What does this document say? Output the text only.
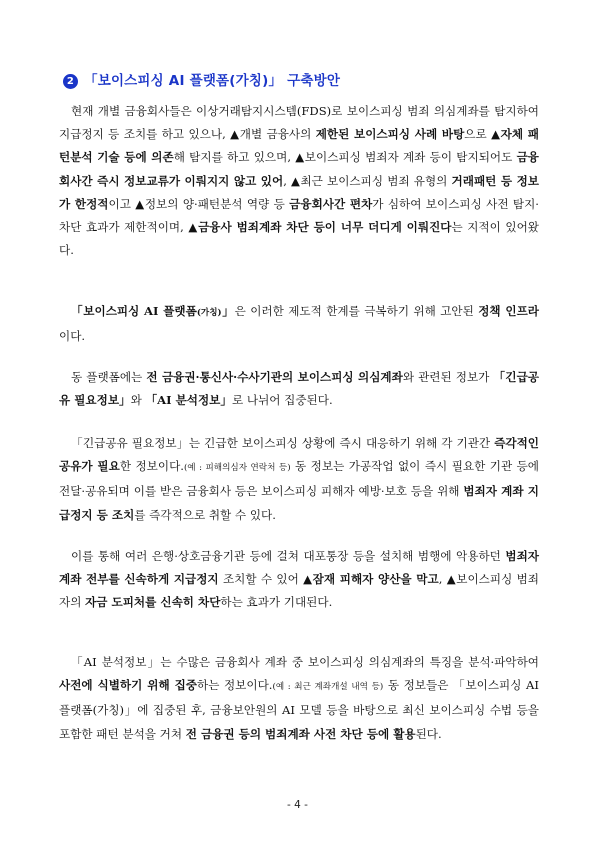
2 「보이스피싱 AI 플랫폼(가칭)」 구축방안
현재 개별 금융회사들은 이상거래탐지시스템(FDS)로 보이스피싱 범죄 의심계좌를 탐지하여 지급정지 등 조치를 하고 있으나, ▲개별 금융사의 제한된 보이스피싱 사례 바탕으로 ▲자체 패턴분석 기술 등에 의존해 탐지를 하고 있으며, ▲보이스피싱 범죄자 계좌 등이 탐지되어도 금융회사간 즉시 정보교류가 이뤄지지 않고 있어, ▲최근 보이스피싱 범죄 유형의 거래패턴 등 정보가 한정적이고 ▲정보의 양·패턴분석 역량 등 금융회사간 편차가 심하여 보이스피싱 사전 탐지·차단 효과가 제한적이며, ▲금융사 범죄계좌 차단 등이 너무 더디게 이뤄진다는 지적이 있어왔다.
「보이스피싱 AI 플랫폼(가칭)」은 이러한 제도적 한계를 극복하기 위해 고안된 정책 인프라이다.
동 플랫폼에는 전 금융권·통신사·수사기관의 보이스피싱 의심계좌와 관련된 정보가 「긴급공유 필요정보」와 「AI 분석정보」로 나뉘어 집중된다.
「긴급공유 필요정보」는 긴급한 보이스피싱 상황에 즉시 대응하기 위해 각 기관간 즉각적인 공유가 필요한 정보이다.(예 : 피해의심자 연락처 등) 동 정보는 가공작업 없이 즉시 필요한 기관 등에 전달·공유되며 이를 받은 금융회사 등은 보이스피싱 피해자 예방·보호 등을 위해 범죄자 계좌 지급정지 등 조치를 즉각적으로 취할 수 있다.
이를 통해 여러 은행·상호금융기관 등에 걸쳐 대포통장 등을 설치해 범행에 악용하던 범죄자 계좌 전부를 신속하게 지급정지 조치할 수 있어 ▲잠재 피해자 양산을 막고, ▲보이스피싱 범죄자의 자금 도피처를 신속히 차단하는 효과가 기대된다.
「AI 분석정보」는 수많은 금융회사 계좌 중 보이스피싱 의심계좌의 특징을 분석·파악하여 사전에 식별하기 위해 집중하는 정보이다.(예 : 최근 계좌개설 내역 등) 동 정보들은 「보이스피싱 AI 플랫폼(가칭)」에 집중된 후, 금융보안원의 AI 모델 등을 바탕으로 최신 보이스피싱 수법 등을 포함한 패턴 분석을 거쳐 전 금융권 등의 범죄계좌 사전 차단 등에 활용된다.
- 4 -
